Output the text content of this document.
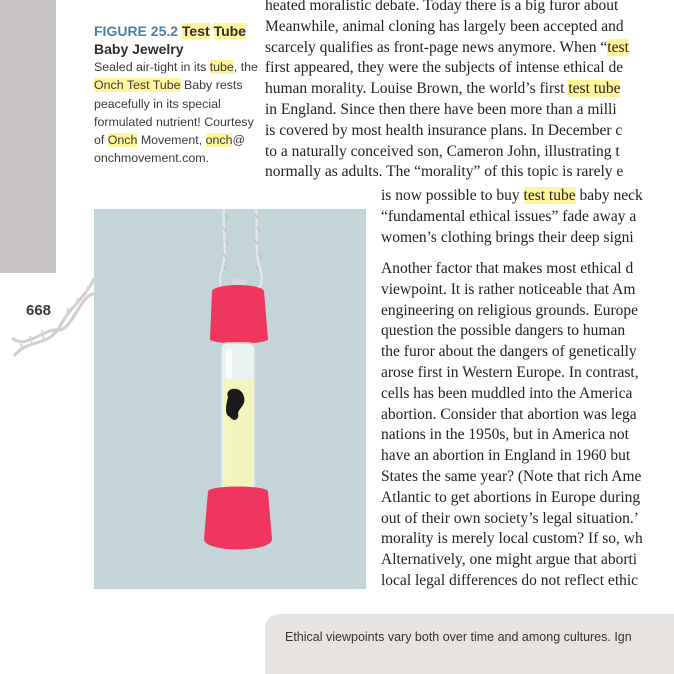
668
FIGURE 25.2 Test Tube Baby Jewelry
Sealed air-tight in its tube, the Onch Test Tube Baby rests peacefully in its special formulated nutrient! Courtesy of Onch Movement, onch@ onchmovement.com.
heated moralistic debate. Today there is a big furor about
Meanwhile, animal cloning has largely been accepted and
scarcely qualifies as front-page news anymore. When “test
first appeared, they were the subjects of intense ethical de
human morality. Louise Brown, the world’s first test tube
in England. Since then there have been more than a milli
is covered by most health insurance plans. In December c
to a naturally conceived son, Cameron John, illustrating t
normally as adults. The “morality” of this topic is rarely e
is now possible to buy test tube baby neck
“fundamental ethical issues” fade away a
women’s clothing brings their deep signi
Another factor that makes most ethical d
viewpoint. It is rather noticeable that Am
engineering on religious grounds. Europe
question the possible dangers to human
the furor about the dangers of genetically
arose first in Western Europe. In contrast,
cells has been muddled into the America
abortion. Consider that abortion was lega
nations in the 1950s, but in America not
have an abortion in England in 1960 but
States the same year? (Note that rich Ame
Atlantic to get abortions in Europe during
out of their own society’s legal situation.’
morality is merely local custom? If so, wh
Alternatively, one might argue that aborti
local legal differences do not reflect ethic
Ethical viewpoints vary both over time and among cultures. Ign
